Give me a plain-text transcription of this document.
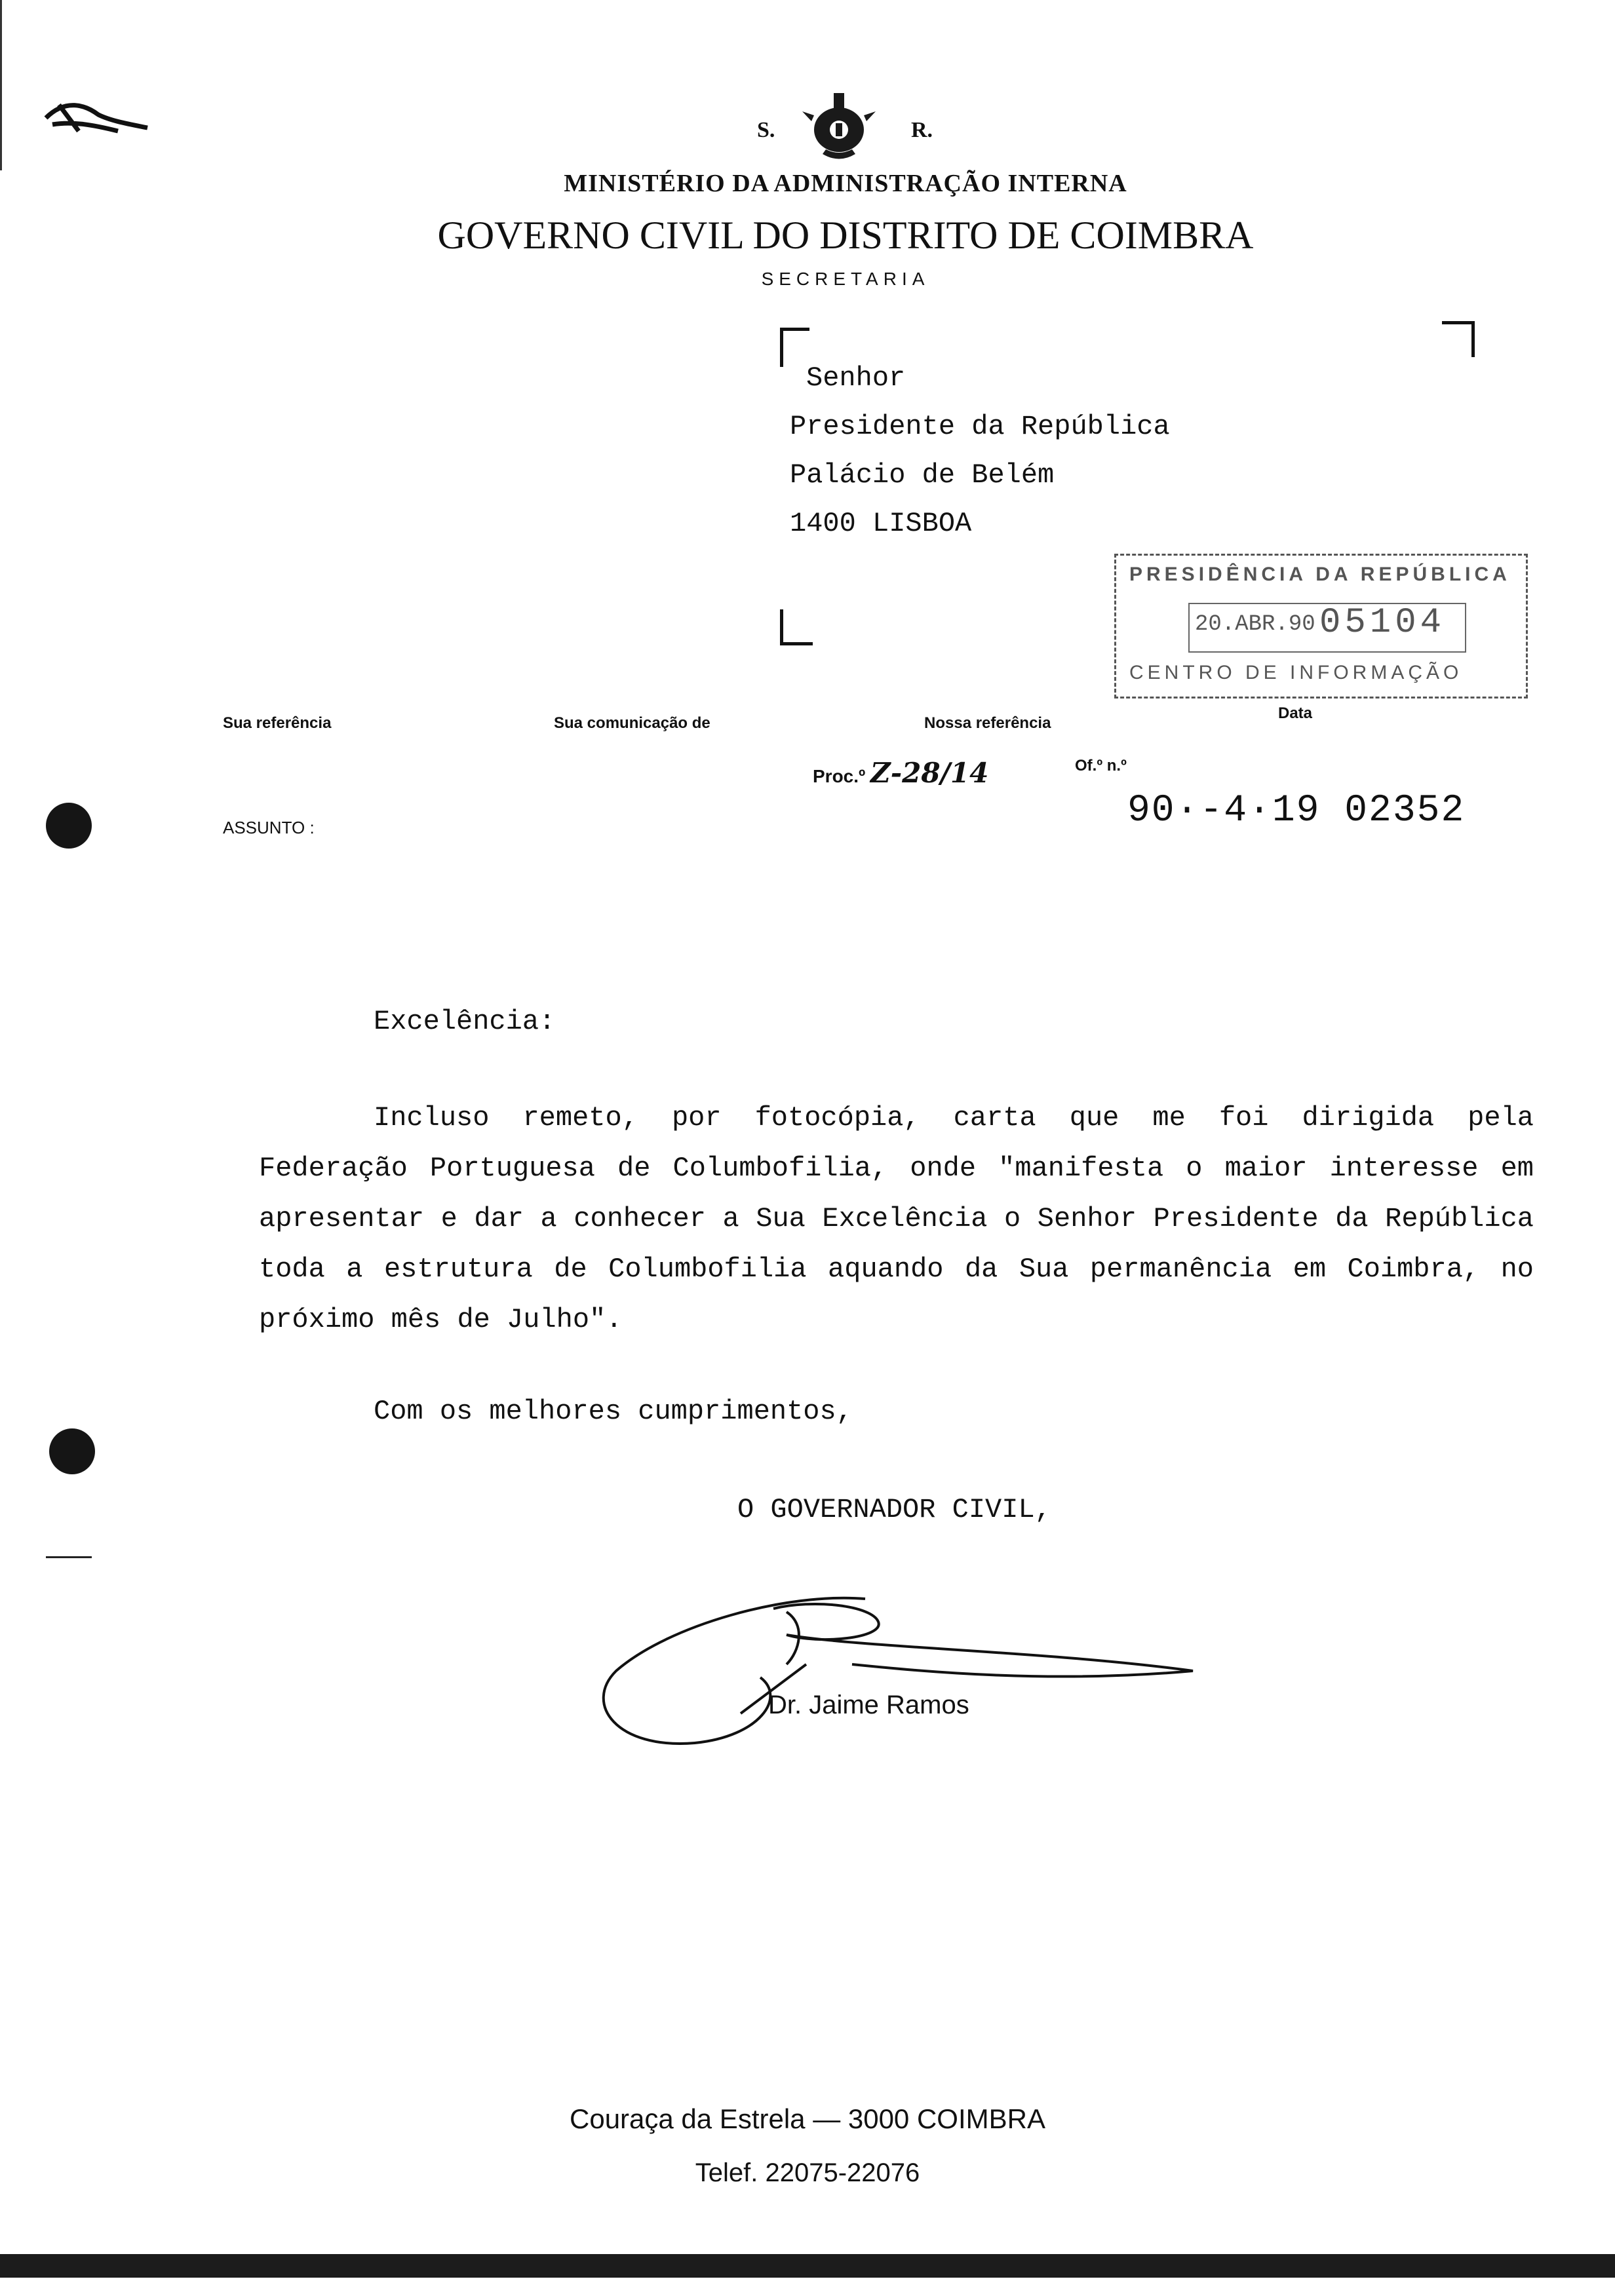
S.	R.
MINISTÉRIO DA ADMINISTRAÇÃO INTERNA
GOVERNO CIVIL DO DISTRITO DE COIMBRA
SECRETARIA
Senhor
Presidente da República
Palácio de Belém
1400 LISBOA
PRESIDÊNCIA DA REPÚBLICA
20.ABR.90 05104
CENTRO DE INFORMAÇÃO
Sua referência	Sua comunicação de	Nossa referência
Data
Proc.º Z-28/14	Of.º n.º
90·-4·19 02352
ASSUNTO :
Excelência:

Incluso remeto, por fotocópia, carta que me foi dirigida pela Federação Portuguesa de Columbofilia, onde "manifesta o maior interesse em apresentar e dar a conhecer a Sua Excelência o Senhor Presidente da República toda a estrutura de Columbofilia aquando da Sua permanência em Coimbra, no próximo mês de Julho".

Com os melhores cumprimentos,
O GOVERNADOR CIVIL,
Dr. Jaime Ramos
Couraça da Estrela — 3000 COIMBRA
Telef. 22075-22076
